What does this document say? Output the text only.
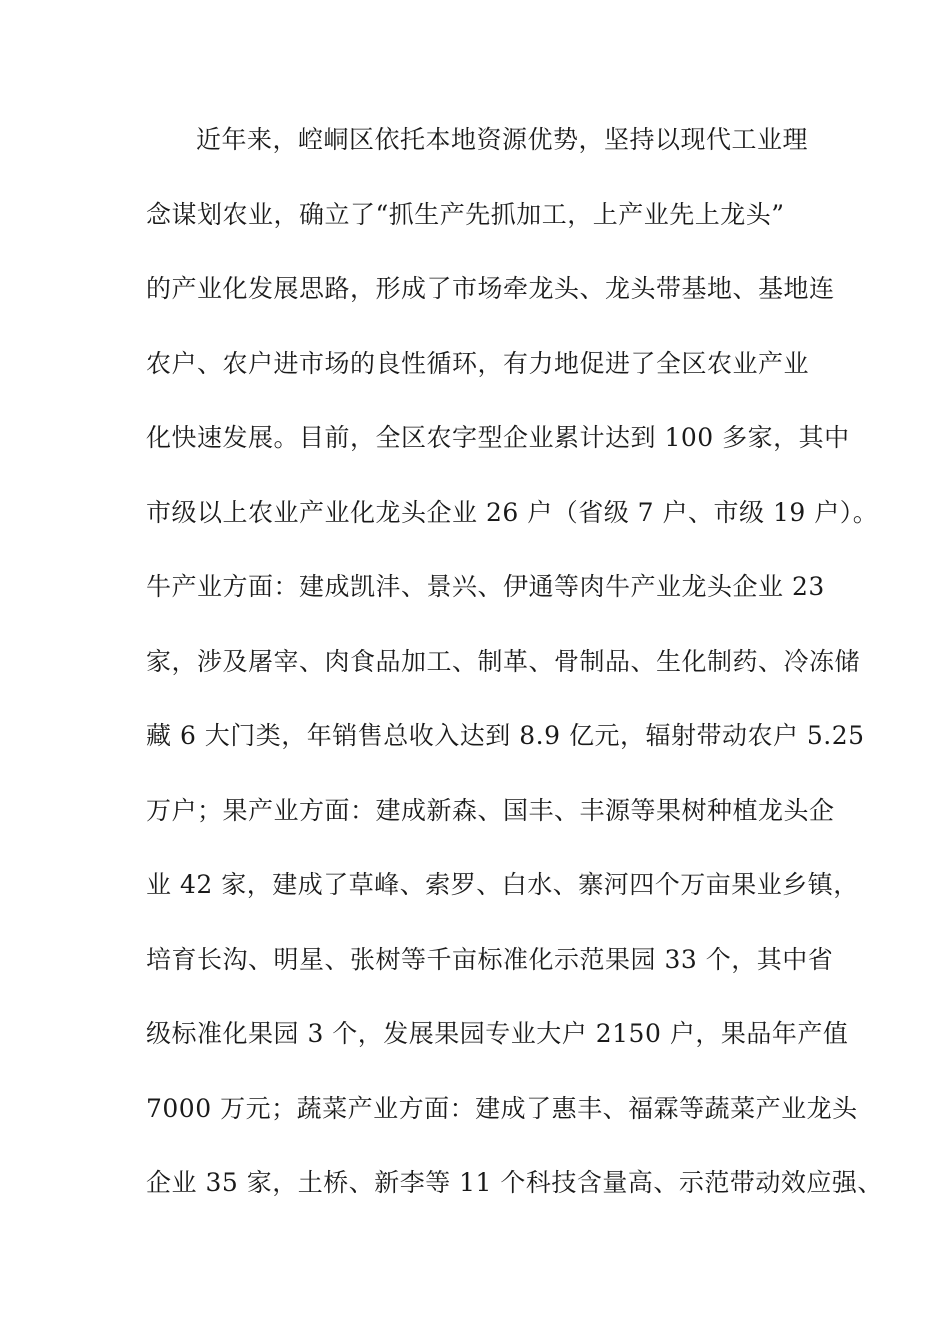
近年来，崆峒区依托本地资源优势，坚持以现代工业理
念谋划农业，确立了“抓生产先抓加工，上产业先上龙头”
的产业化发展思路，形成了市场牵龙头、龙头带基地、基地连
农户、农户进市场的良性循环，有力地促进了全区农业产业
化快速发展。目前，全区农字型企业累计达到 100 多家，其中
市级以上农业产业化龙头企业 26 户（省级 7 户、市级 19 户）。
牛产业方面：建成凯沣、景兴、伊通等肉牛产业龙头企业 23
家，涉及屠宰、肉食品加工、制革、骨制品、生化制药、冷冻储
藏 6 大门类，年销售总收入达到 8.9 亿元，辐射带动农户 5.25
万户；果产业方面：建成新森、国丰、丰源等果树种植龙头企
业 42 家，建成了草峰、索罗、白水、寨河四个万亩果业乡镇，
培育长沟、明星、张树等千亩标准化示范果园 33 个，其中省
级标准化果园 3 个，发展果园专业大户 2150 户，果品年产值
7000 万元；蔬菜产业方面：建成了惠丰、福霖等蔬菜产业龙头
企业 35 家，土桥、新李等 11 个科技含量高、示范带动效应强、
